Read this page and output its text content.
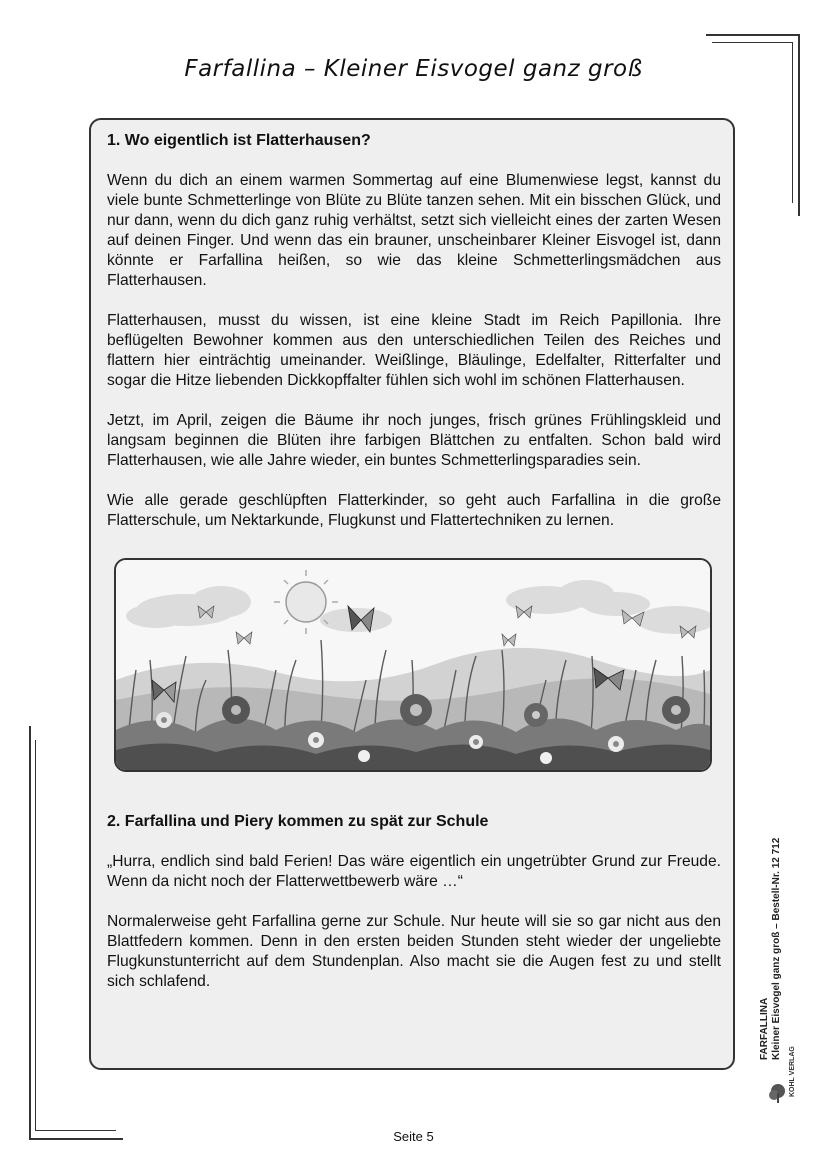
Farfallina – Kleiner Eisvogel ganz groß

1. Wo eigentlich ist Flatterhausen?

Wenn du dich an einem warmen Sommertag auf eine Blumenwiese legst, kannst du viele bunte Schmetterlinge von Blüte zu Blüte tanzen sehen. Mit ein bisschen Glück, und nur dann, wenn du dich ganz ruhig verhältst, setzt sich vielleicht eines der zarten Wesen auf deinen Finger. Und wenn das ein brauner, unscheinbarer Kleiner Eisvogel ist, dann könnte er Farfallina heißen, so wie das kleine Schmetterlingsmädchen aus Flatterhausen.

Flatterhausen, musst du wissen, ist eine kleine Stadt im Reich Papillonia. Ihre beflügelten Bewohner kommen aus den unterschiedlichen Teilen des Reiches und flattern hier einträchtig umeinander. Weißlinge, Bläulinge, Edelfalter, Ritterfalter und sogar die Hitze liebenden Dickkopffalter fühlen sich wohl im schönen Flatterhausen.

Jetzt, im April, zeigen die Bäume ihr noch junges, frisch grünes Frühlingskleid und langsam beginnen die Blüten ihre farbigen Blättchen zu entfalten. Schon bald wird Flatterhausen, wie alle Jahre wieder, ein buntes Schmetterlingsparadies sein.

Wie alle gerade geschlüpften Flatterkinder, so geht auch Farfallina in die große Flatterschule, um Nektarkunde, Flugkunst und Flattertechniken zu lernen.

2. Farfallina und Piery kommen zu spät zur Schule

„Hurra, endlich sind bald Ferien! Das wäre eigentlich ein ungetrübter Grund zur Freude. Wenn da nicht noch der Flatterwettbewerb wäre …“

Normalerweise geht Farfallina gerne zur Schule. Nur heute will sie so gar nicht aus den Blattfedern kommen. Denn in den ersten beiden Stunden steht wieder der ungeliebte Flugkunstunterricht auf dem Stundenplan. Also macht sie die Augen fest zu und stellt sich schlafend.

FARFALLINA Kleiner Eisvogel ganz groß – Bestell-Nr. 12 712
KOHL VERLAG
Seite 5
